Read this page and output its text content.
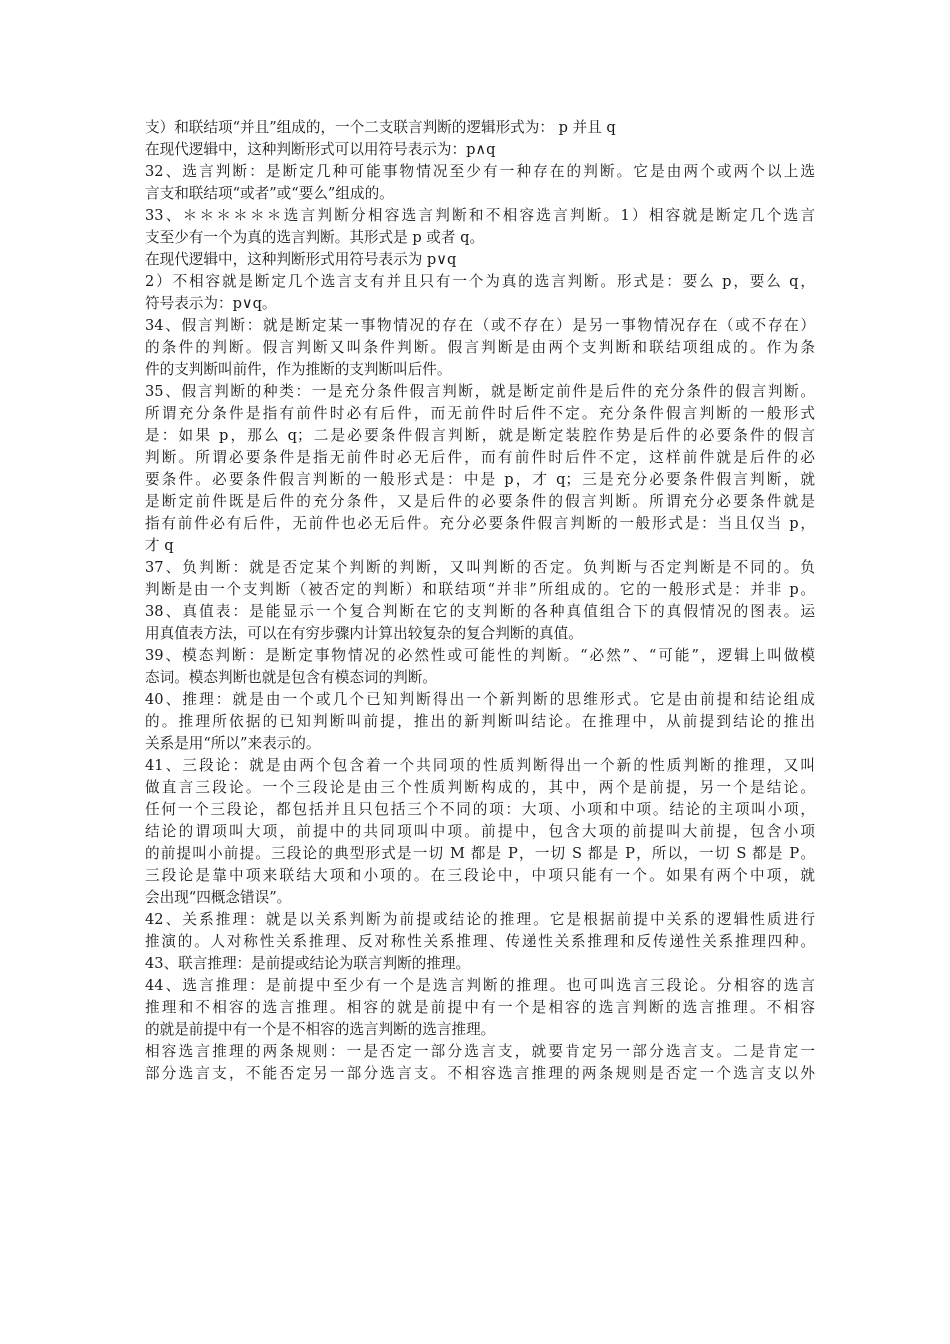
支）和联结项“并且”组成的，一个二支联言判断的逻辑形式为： p 并且 q
在现代逻辑中，这种判断形式可以用符号表示为：p∧q
32、选言判断：是断定几种可能事物情况至少有一种存在的判断。它是由两个或两个以上选
言支和联结项“或者”或“要么”组成的。
33、＊＊＊＊＊＊选言判断分相容选言判断和不相容选言判断。1）相容就是断定几个选言
支至少有一个为真的选言判断。其形式是 p 或者 q。
在现代逻辑中，这种判断形式用符号表示为 p∨q
2）不相容就是断定几个选言支有并且只有一个为真的选言判断。形式是：要么 p，要么 q，
符号表示为：p∨q。
34、假言判断：就是断定某一事物情况的存在（或不存在）是另一事物情况存在（或不存在）
的条件的判断。假言判断又叫条件判断。假言判断是由两个支判断和联结项组成的。作为条
件的支判断叫前件，作为推断的支判断叫后件。
35、假言判断的种类：一是充分条件假言判断，就是断定前件是后件的充分条件的假言判断。
所谓充分条件是指有前件时必有后件，而无前件时后件不定。充分条件假言判断的一般形式
是：如果 p，那么 q；二是必要条件假言判断，就是断定装腔作势是后件的必要条件的假言
判断。所谓必要条件是指无前件时必无后件，而有前件时后件不定，这样前件就是后件的必
要条件。必要条件假言判断的一般形式是：中是 p，才 q；三是充分必要条件假言判断，就
是断定前件既是后件的充分条件，又是后件的必要条件的假言判断。所谓充分必要条件就是
指有前件必有后件，无前件也必无后件。充分必要条件假言判断的一般形式是：当且仅当 p，
才 q
37、负判断：就是否定某个判断的判断，又叫判断的否定。负判断与否定判断是不同的。负
判断是由一个支判断（被否定的判断）和联结项“并非”所组成的。它的一般形式是：并非 p。
38、真值表：是能显示一个复合判断在它的支判断的各种真值组合下的真假情况的图表。运
用真值表方法，可以在有穷步骤内计算出较复杂的复合判断的真值。
39、模态判断：是断定事物情况的必然性或可能性的判断。“必然”、“可能”，逻辑上叫做模
态词。模态判断也就是包含有模态词的判断。
40、推理：就是由一个或几个已知判断得出一个新判断的思维形式。它是由前提和结论组成
的。推理所依据的已知判断叫前提，推出的新判断叫结论。在推理中，从前提到结论的推出
关系是用“所以”来表示的。
41、三段论：就是由两个包含着一个共同项的性质判断得出一个新的性质判断的推理，又叫
做直言三段论。一个三段论是由三个性质判断构成的，其中，两个是前提，另一个是结论。
任何一个三段论，都包括并且只包括三个不同的项：大项、小项和中项。结论的主项叫小项，
结论的谓项叫大项，前提中的共同项叫中项。前提中，包含大项的前提叫大前提，包含小项
的前提叫小前提。三段论的典型形式是一切 M 都是 P，一切 S 都是 P，所以，一切 S 都是 P。
三段论是靠中项来联结大项和小项的。在三段论中，中项只能有一个。如果有两个中项，就
会出现“四概念错误”。
42、关系推理：就是以关系判断为前提或结论的推理。它是根据前提中关系的逻辑性质进行
推演的。人对称性关系推理、反对称性关系推理、传递性关系推理和反传递性关系推理四种。
43、联言推理：是前提或结论为联言判断的推理。
44、选言推理：是前提中至少有一个是选言判断的推理。也可叫选言三段论。分相容的选言
推理和不相容的选言推理。相容的就是前提中有一个是相容的选言判断的选言推理。不相容
的就是前提中有一个是不相容的选言判断的选言推理。
相容选言推理的两条规则：一是否定一部分选言支，就要肯定另一部分选言支。二是肯定一
部分选言支，不能否定另一部分选言支。不相容选言推理的两条规则是否定一个选言支以外
